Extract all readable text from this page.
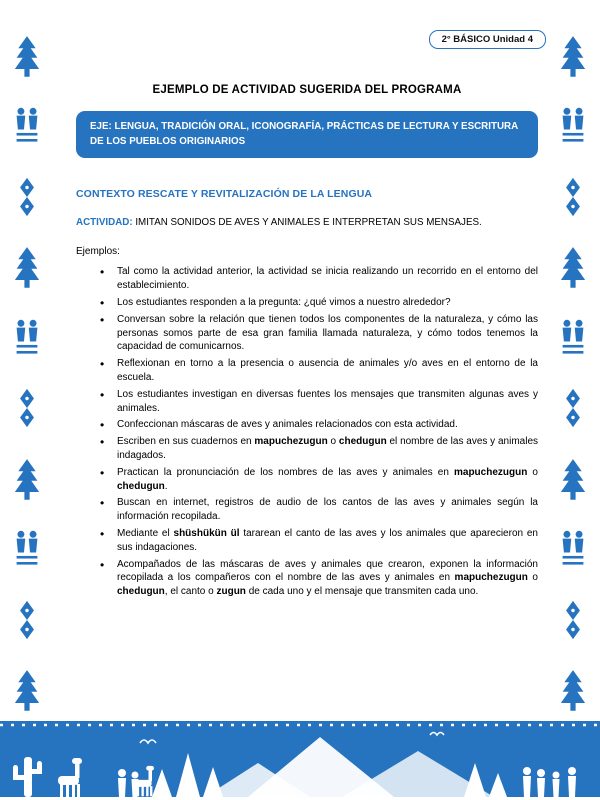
2° BÁSICO Unidad 4
EJEMPLO DE ACTIVIDAD SUGERIDA DEL PROGRAMA
EJE: LENGUA, TRADICIÓN ORAL, ICONOGRAFÍA, PRÁCTICAS DE LECTURA Y ESCRITURA DE LOS PUEBLOS ORIGINARIOS
CONTEXTO RESCATE Y REVITALIZACIÓN DE LA LENGUA

ACTIVIDAD: IMITAN SONIDOS DE AVES Y ANIMALES E INTERPRETAN SUS MENSAJES.

Ejemplos:

• Tal como la actividad anterior, la actividad se inicia realizando un recorrido en el entorno del establecimiento.
• Los estudiantes responden a la pregunta: ¿qué vimos a nuestro alrededor?
• Conversan sobre la relación que tienen todos los componentes de la naturaleza, y cómo las personas somos parte de esa gran familia llamada naturaleza, y cómo todos tenemos la capacidad de comunicarnos.
• Reflexionan en torno a la presencia o ausencia de animales y/o aves en el entorno de la escuela.
• Los estudiantes investigan en diversas fuentes los mensajes que transmiten algunas aves y animales.
• Confeccionan máscaras de aves y animales relacionados con esta actividad.
• Escriben en sus cuadernos en mapuchezugun o chedugun el nombre de las aves y animales indagados.
• Practican la pronunciación de los nombres de las aves y animales en mapuchezugun o chedugun.
• Buscan en internet, registros de audio de los cantos de las aves y animales según la información recopilada.
• Mediante el shüshükün ül tararean el canto de las aves y los animales que aparecieron en sus indagaciones.
• Acompañados de las máscaras de aves y animales que crearon, exponen la información recopilada a los compañeros con el nombre de las aves y animales en mapuchezugun o chedugun, el canto o zugun de cada uno y el mensaje que transmiten cada uno.
